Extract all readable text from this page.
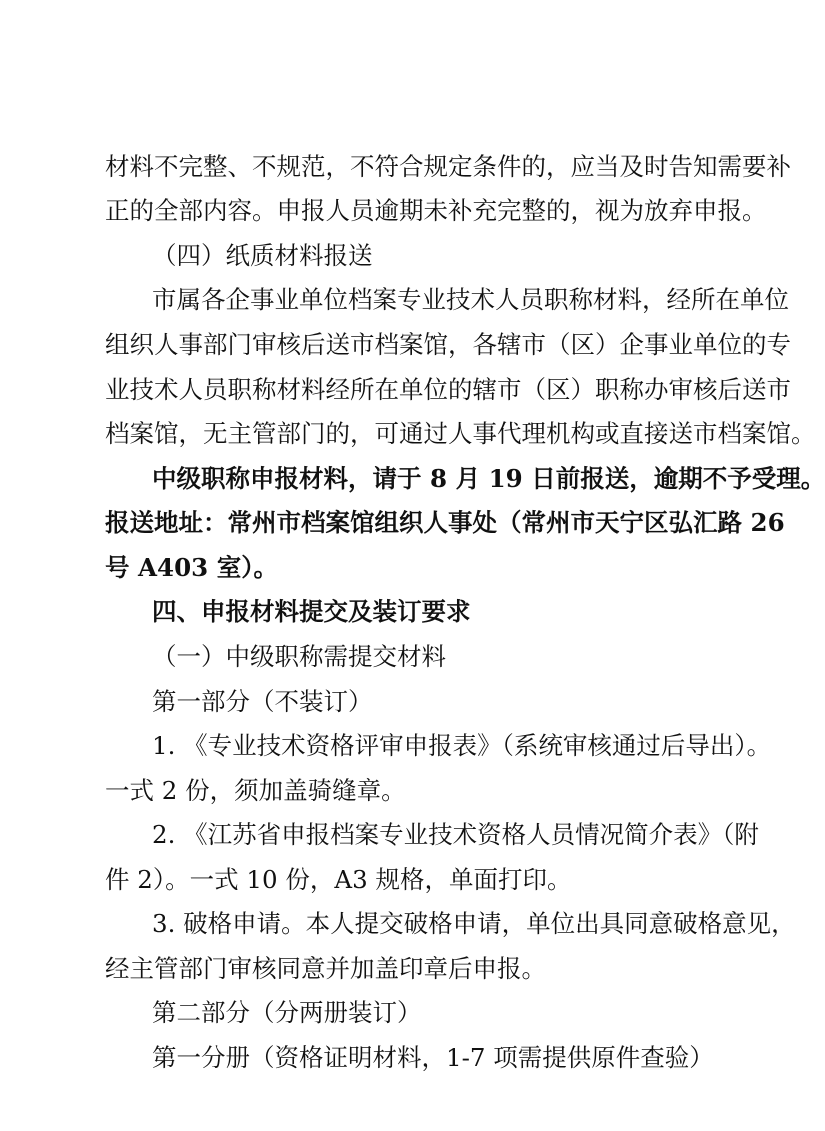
材料不完整、不规范，不符合规定条件的，应当及时告知需要补
正的全部内容。申报人员逾期未补充完整的，视为放弃申报。
（四）纸质材料报送
市属各企事业单位档案专业技术人员职称材料，经所在单位
组织人事部门审核后送市档案馆，各辖市（区）企事业单位的专
业技术人员职称材料经所在单位的辖市（区）职称办审核后送市
档案馆，无主管部门的，可通过人事代理机构或直接送市档案馆。
中级职称申报材料，请于 8 月 19 日前报送，逾期不予受理。
报送地址：常州市档案馆组织人事处（常州市天宁区弘汇路 26
号 A403 室）。
四、申报材料提交及装订要求
（一）中级职称需提交材料
第一部分（不装订）
1. 《专业技术资格评审申报表》（系统审核通过后导出）。
一式 2 份，须加盖骑缝章。
2. 《江苏省申报档案专业技术资格人员情况简介表》（附
件 2）。一式 10 份，A3 规格，单面打印。
3. 破格申请。本人提交破格申请，单位出具同意破格意见，
经主管部门审核同意并加盖印章后申报。
第二部分（分两册装订）
第一分册（资格证明材料，1-7 项需提供原件查验）
